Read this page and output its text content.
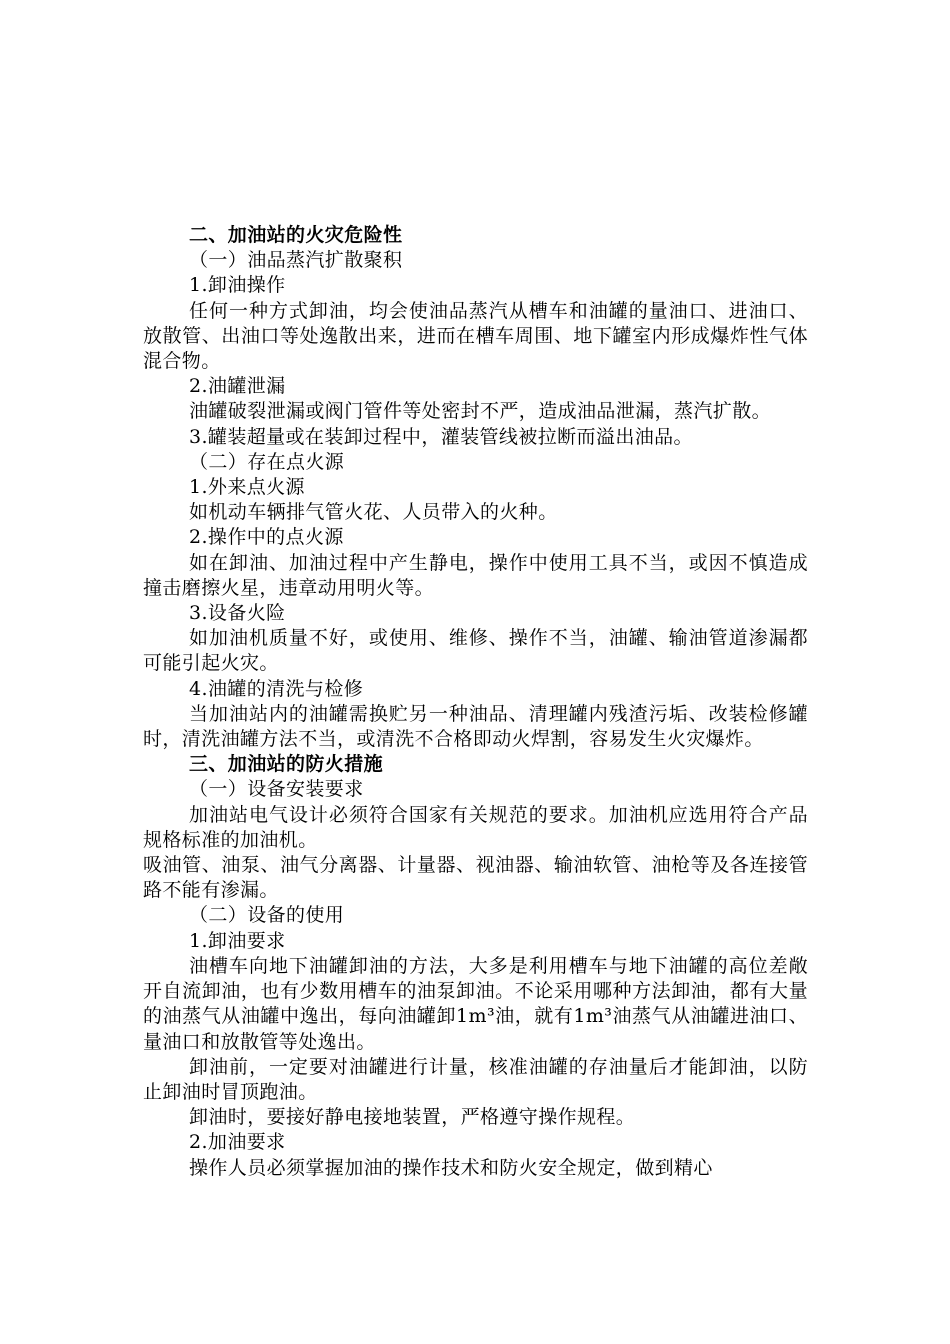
二、加油站的火灾危险性

（一）油品蒸汽扩散聚积

1.卸油操作

任何一种方式卸油，均会使油品蒸汽从槽车和油罐的量油口、进油口、放散管、出油口等处逸散出来，进而在槽车周围、地下罐室内形成爆炸性气体混合物。

2.油罐泄漏

油罐破裂泄漏或阀门管件等处密封不严，造成油品泄漏，蒸汽扩散。

3.罐装超量或在装卸过程中，灌装管线被拉断而溢出油品。

（二）存在点火源

1.外来点火源

如机动车辆排气管火花、人员带入的火种。

2.操作中的点火源

如在卸油、加油过程中产生静电，操作中使用工具不当，或因不慎造成撞击磨擦火星，违章动用明火等。

3.设备火险

如加油机质量不好，或使用、维修、操作不当，油罐、输油管道渗漏都可能引起火灾。

4.油罐的清洗与检修

当加油站内的油罐需换贮另一种油品、清理罐内残渣污垢、改装检修罐时，清洗油罐方法不当，或清洗不合格即动火焊割，容易发生火灾爆炸。

三、加油站的防火措施

（一）设备安装要求

加油站电气设计必须符合国家有关规范的要求。加油机应选用符合产品规格标准的加油机。

吸油管、油泵、油气分离器、计量器、视油器、输油软管、油枪等及各连接管路不能有渗漏。

（二）设备的使用

1.卸油要求

油槽车向地下油罐卸油的方法，大多是利用槽车与地下油罐的高位差敞开自流卸油，也有少数用槽车的油泵卸油。不论采用哪种方法卸油，都有大量的油蒸气从油罐中逸出，每向油罐卸1m³油，就有1m³油蒸气从油罐进油口、量油口和放散管等处逸出。

卸油前，一定要对油罐进行计量，核准油罐的存油量后才能卸油，以防止卸油时冒顶跑油。

卸油时，要接好静电接地装置，严格遵守操作规程。

2.加油要求

操作人员必须掌握加油的操作技术和防火安全规定，做到精心
